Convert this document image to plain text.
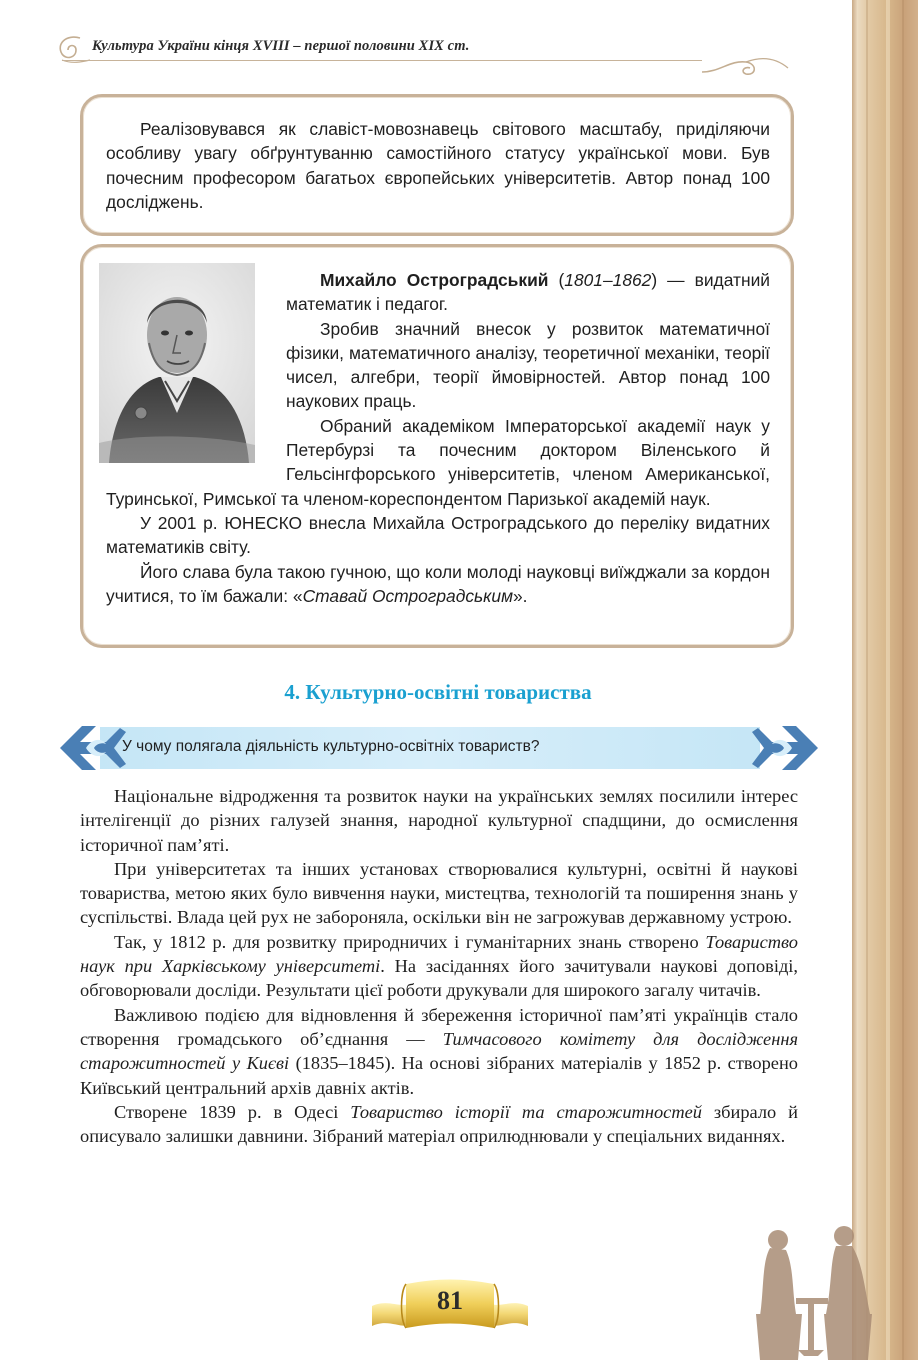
Культура України кінця XVIII – першої половини XIX ст.

Реалізовувався як славіст-мовознавець світового масштабу, приділяючи особливу увагу обґрунтуванню самостійного статусу української мови. Був почесним професором багатьох європейських університетів. Автор понад 100 досліджень.

Михайло Остроградський (1801–1862) — видатний математик і педагог.

Зробив значний внесок у розвиток математичної фізики, математичного аналізу, теоретичної механіки, теорії чисел, алгебри, теорії ймовірностей. Автор понад 100 наукових праць.

Обраний академіком Імператорської академії наук у Петербурзі та почесним доктором Віленського й Гельсінгфорського університетів, членом Американської, Туринської, Римської та членом-кореспондентом Паризької академій наук.

У 2001 р. ЮНЕСКО внесла Михайла Остроградського до переліку видатних математиків світу.

Його слава була такою гучною, що коли молоді науковці виїжджали за кордон учитися, то їм бажали: «Ставай Остроградським».

4. Культурно-освітні товариства
У чому полягала діяльність культурно-освітніх товариств?

Національне відродження та розвиток науки на українських землях посилили інтерес інтелігенції до різних галузей знання, народної культурної спадщини, до осмислення історичної пам’яті.

При університетах та інших установах створювалися культурні, освітні й наукові товариства, метою яких було вивчення науки, мистецтва, технологій та поширення знань у суспільстві. Влада цей рух не забороняла, оскільки він не загрожував державному устрою.

Так, у 1812 р. для розвитку природничих і гуманітарних знань створено Товариство наук при Харківському університеті. На засіданнях його зачитували наукові доповіді, обговорювали досліди. Результати цієї роботи друкували для широкого загалу читачів.

Важливою подією для відновлення й збереження історичної пам’яті українців стало створення громадського об’єднання — Тимчасового комітету для дослідження старожитностей у Києві (1835–1845). На основі зібраних матеріалів у 1852 р. створено Київський центральний архів давніх актів.

Створене 1839 р. в Одесі Товариство історії та старожитностей збирало й описувало залишки давнини. Зібраний матеріал оприлюднювали у спеціальних виданнях.

81
